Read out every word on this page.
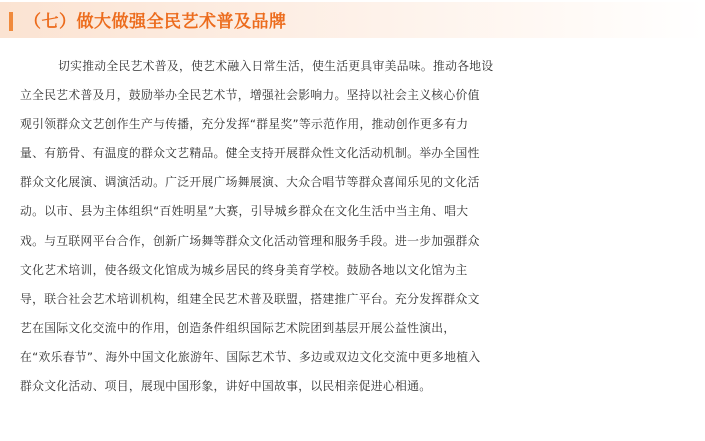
（七）做大做强全民艺术普及品牌

切实推动全民艺术普及，使艺术融入日常生活，使生活更具审美品味。推动各地设
立全民艺术普及月，鼓励举办全民艺术节，增强社会影响力。坚持以社会主义核心价值
观引领群众文艺创作生产与传播，充分发挥“群星奖”等示范作用，推动创作更多有力
量、有筋骨、有温度的群众文艺精品。健全支持开展群众性文化活动机制。举办全国性
群众文化展演、调演活动。广泛开展广场舞展演、大众合唱节等群众喜闻乐见的文化活
动。以市、县为主体组织“百姓明星”大赛，引导城乡群众在文化生活中当主角、唱大
戏。与互联网平台合作，创新广场舞等群众文化活动管理和服务手段。进一步加强群众
文化艺术培训，使各级文化馆成为城乡居民的终身美育学校。鼓励各地以文化馆为主
导，联合社会艺术培训机构，组建全民艺术普及联盟，搭建推广平台。充分发挥群众文
艺在国际文化交流中的作用，创造条件组织国际艺术院团到基层开展公益性演出，
在“欢乐春节”、海外中国文化旅游年、国际艺术节、多边或双边文化交流中更多地植入
群众文化活动、项目，展现中国形象，讲好中国故事，以民相亲促进心相通。
